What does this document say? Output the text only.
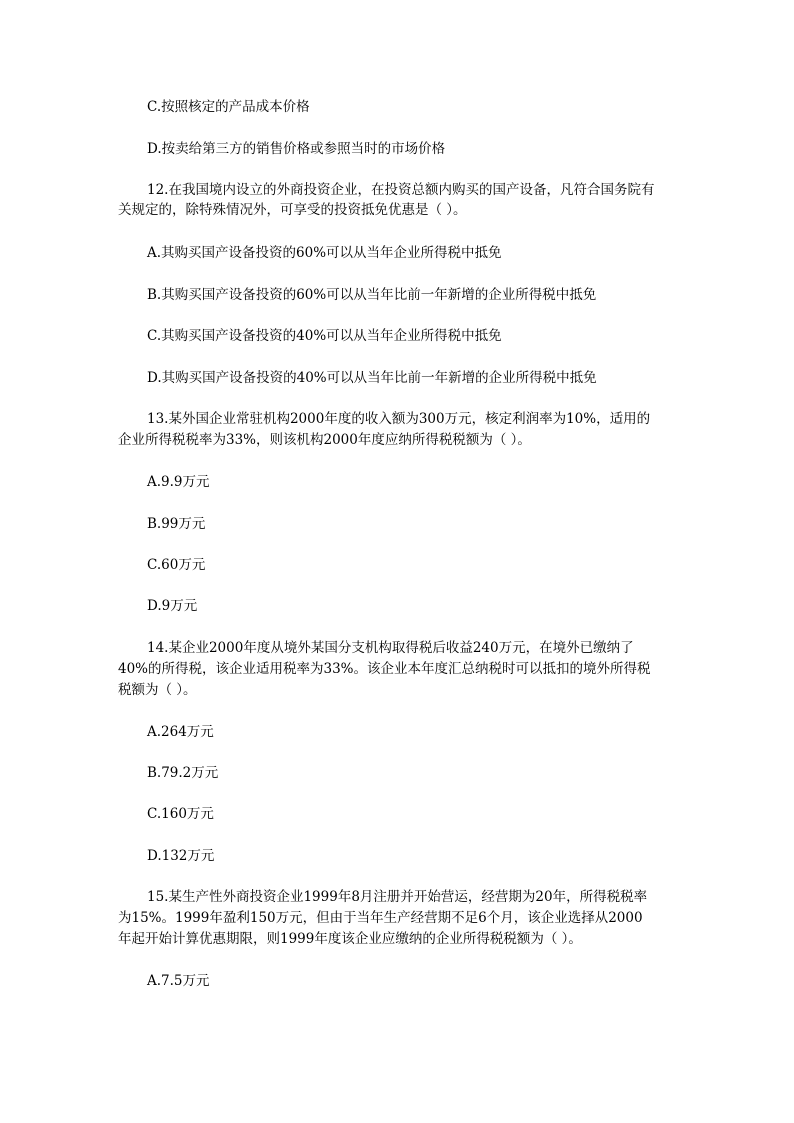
C.按照核定的产品成本价格
D.按卖给第三方的销售价格或参照当时的市场价格
12.在我国境内设立的外商投资企业，在投资总额内购买的国产设备，凡符合国务院有
关规定的，除特殊情况外，可享受的投资抵免优惠是（ ）。
A.其购买国产设备投资的60%可以从当年企业所得税中抵免
B.其购买国产设备投资的60%可以从当年比前一年新增的企业所得税中抵免
C.其购买国产设备投资的40%可以从当年企业所得税中抵免
D.其购买国产设备投资的40%可以从当年比前一年新增的企业所得税中抵免
13.某外国企业常驻机构2000年度的收入额为300万元，核定利润率为10%，适用的
企业所得税税率为33%，则该机构2000年度应纳所得税税额为（ ）。
A.9.9万元
B.99万元
C.60万元
D.9万元
14.某企业2000年度从境外某国分支机构取得税后收益240万元，在境外已缴纳了
40%的所得税，该企业适用税率为33%。该企业本年度汇总纳税时可以抵扣的境外所得税
税额为（ ）。
A.264万元
B.79.2万元
C.160万元
D.132万元
15.某生产性外商投资企业1999年8月注册并开始营运，经营期为20年，所得税税率
为15%。1999年盈利150万元，但由于当年生产经营期不足6个月，该企业选择从2000
年起开始计算优惠期限，则1999年度该企业应缴纳的企业所得税税额为（ ）。
A.7.5万元
